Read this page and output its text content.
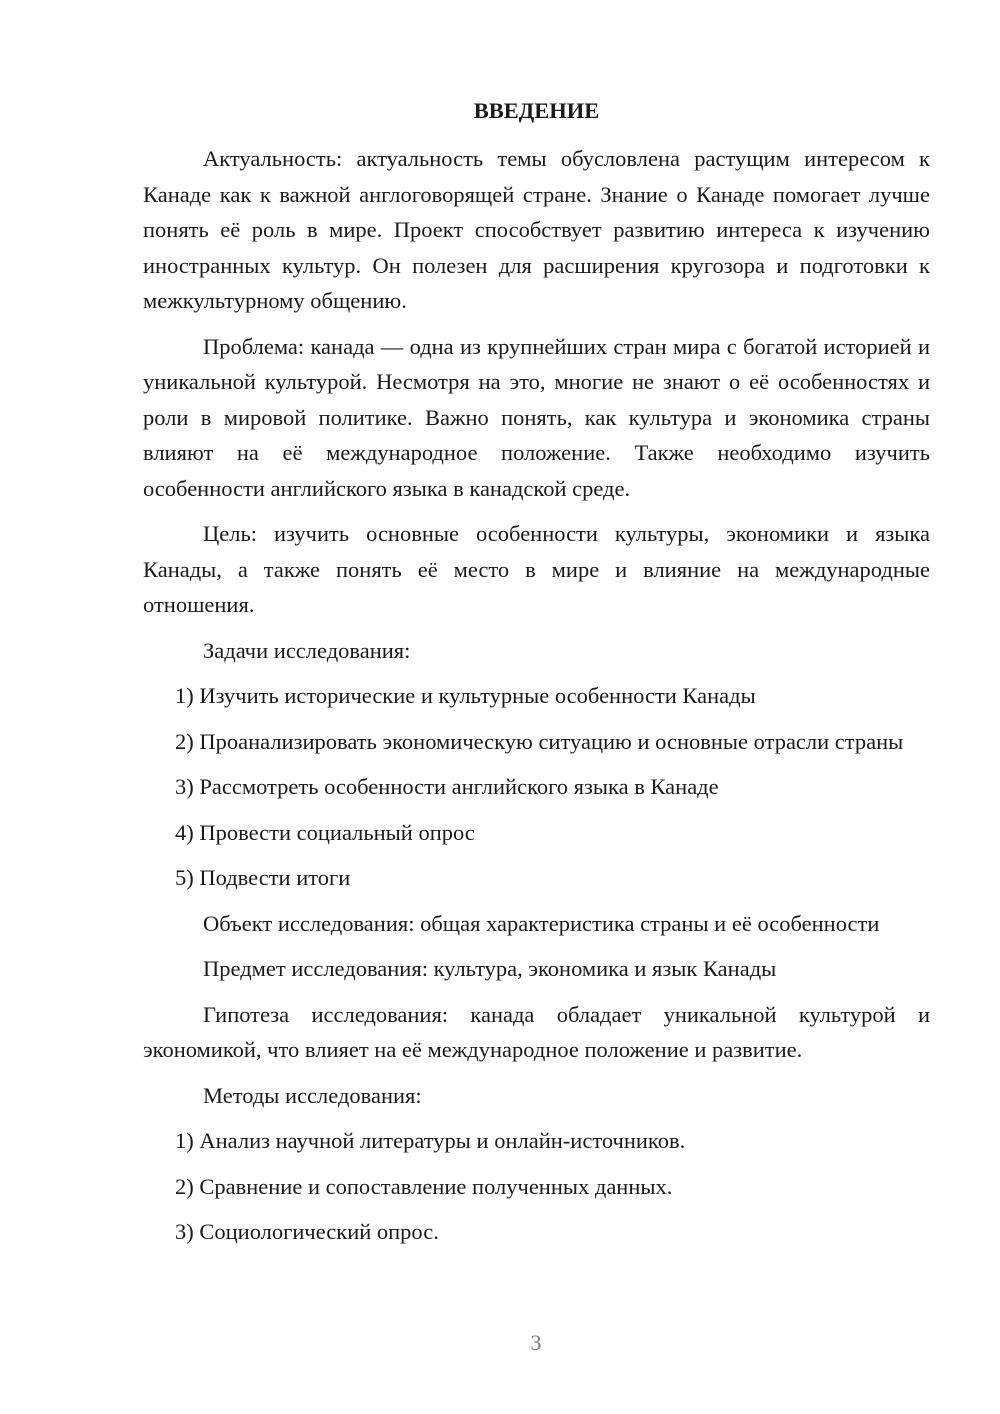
ВВЕДЕНИЕ

Актуальность: актуальность темы обусловлена растущим интересом к Канаде как к важной англоговорящей стране. Знание о Канаде помогает лучше понять её роль в мире. Проект способствует развитию интереса к изучению иностранных культур. Он полезен для расширения кругозора и подготовки к межкультурному общению.

Проблема: канада — одна из крупнейших стран мира с богатой историей и уникальной культурой. Несмотря на это, многие не знают о её особенностях и роли в мировой политике. Важно понять, как культура и экономика страны влияют на её международное положение. Также необходимо изучить особенности английского языка в канадской среде.

Цель: изучить основные особенности культуры, экономики и языка Канады, а также понять её место в мире и влияние на международные отношения.

Задачи исследования:

1) Изучить исторические и культурные особенности Канады

2) Проанализировать экономическую ситуацию и основные отрасли страны

3) Рассмотреть особенности английского языка в Канаде

4) Провести социальный опрос

5) Подвести итоги

Объект исследования: общая характеристика страны и её особенности

Предмет исследования: культура, экономика и язык Канады

Гипотеза исследования: канада обладает уникальной культурой и экономикой, что влияет на её международное положение и развитие.

Методы исследования:

1) Анализ научной литературы и онлайн-источников.

2) Сравнение и сопоставление полученных данных.

3) Социологический опрос.

3
